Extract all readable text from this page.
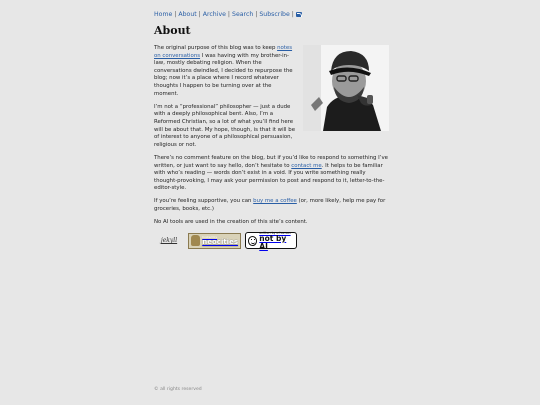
Home | About | Archive | Search | Subscribe |
About

The original purpose of this blog was to keep notes on conversations I was having with my brother-in-law, mostly debating religion. When the conversations dwindled, I decided to repurpose the blog; now it’s a place where I record whatever thoughts I happen to be turning over at the moment.

I’m not a “professional” philosopher — just a dude with a deeply philosophical bent. Also, I’m a Reformed Christian, so a lot of what you’ll find here will be about that. My hope, though, is that it will be of interest to anyone of a philosophical persuasion, religious or not.

There’s no comment feature on the blog, but if you’d like to respond to something I’ve written, or just want to say hello, don’t hesitate to contact me. It helps to be familiar with who’s reading — words don’t exist in a void. If you write something really thought-provoking, I may ask your permission to post and respond to it, letter-to-the-editor-style.

If you’re feeling supportive, you can buy me a coffee (or, more likely, help me pay for groceries, books, etc.)

No AI tools are used in the creation of this site’s content.

jekyll
hosted by
neocities
written by a human
not by AI
© all rights reserved
